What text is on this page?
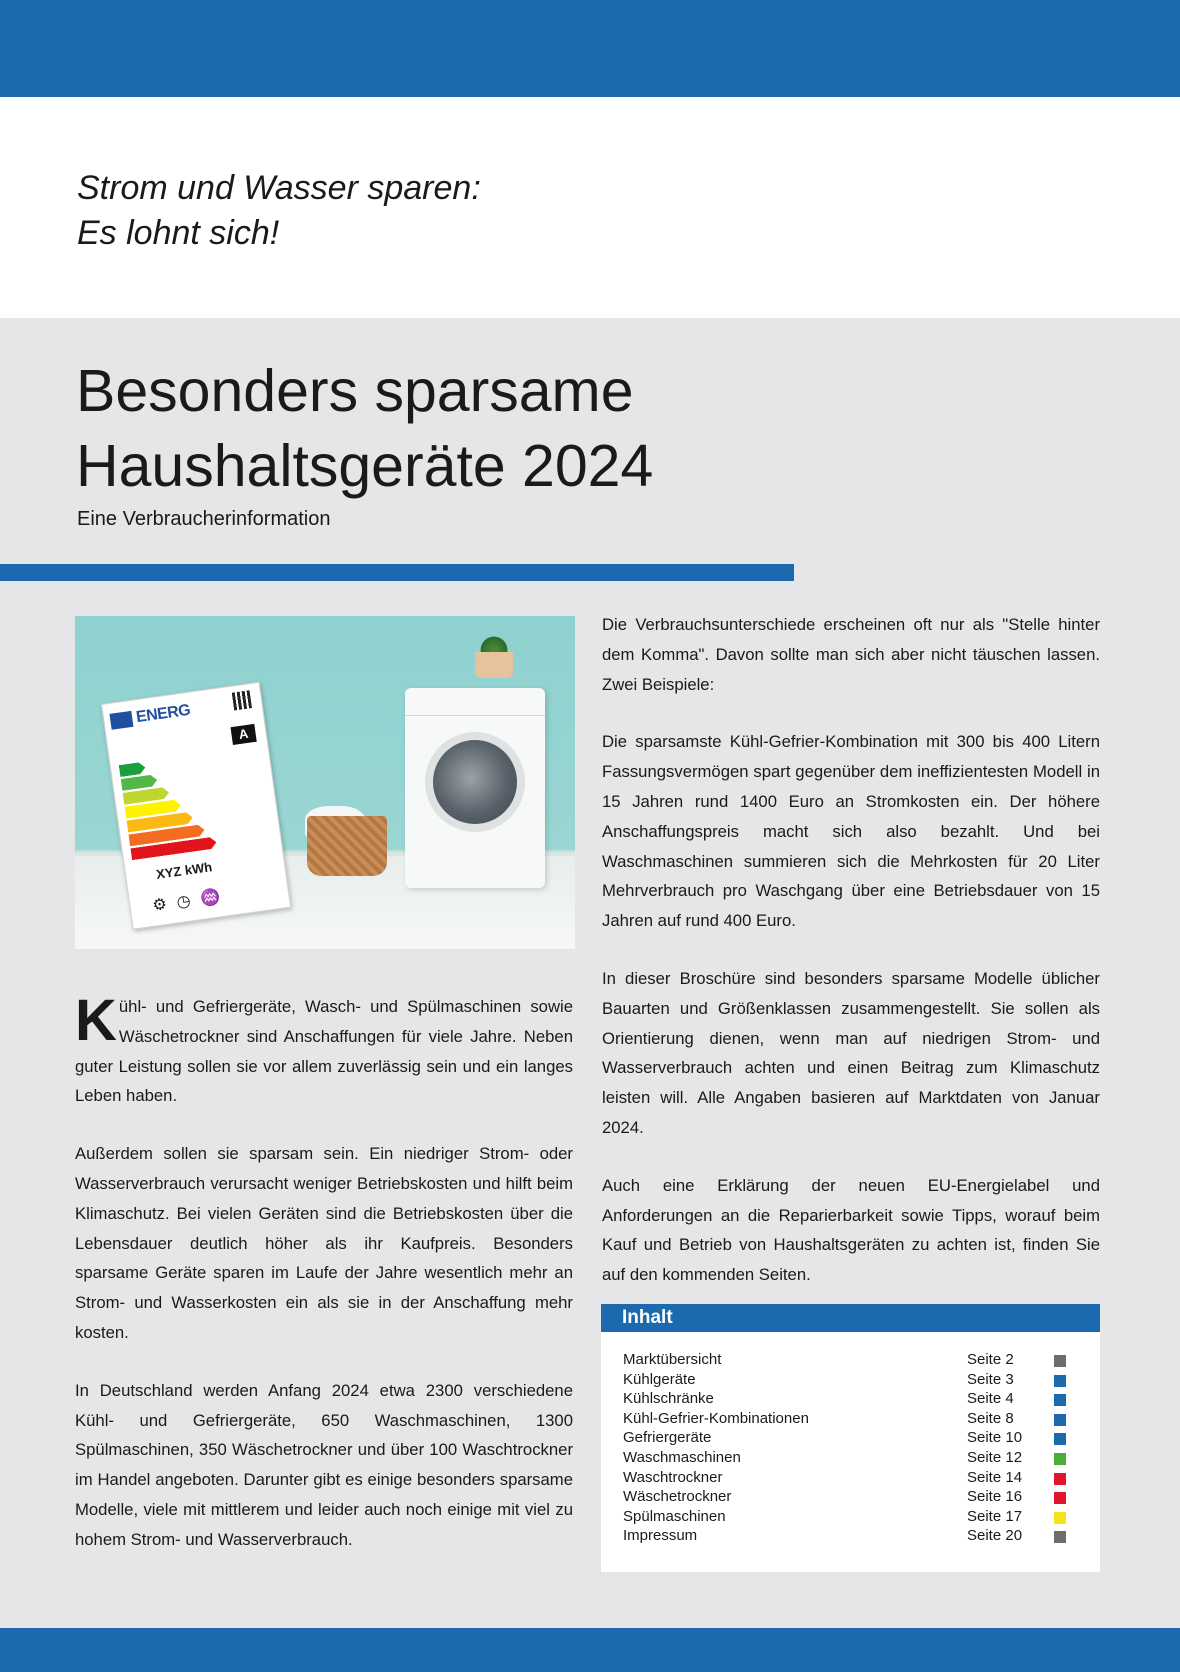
Strom und Wasser sparen:
Es lohnt sich!
Besonders sparsame
Haushaltsgeräte 2024
Eine Verbraucherinformation
ENERG
A
XYZ kWh
⚙◷♒

Kühl- und Gefriergeräte, Wasch- und Spülmaschinen sowie Wäschetrockner sind Anschaffungen für viele Jahre. Neben guter Leistung sollen sie vor allem zuverlässig sein und ein langes Leben haben.

Außerdem sollen sie sparsam sein. Ein niedriger Strom- oder Wasserverbrauch verursacht weniger Betriebskosten und hilft beim Klimaschutz. Bei vielen Geräten sind die Betriebskosten über die Lebensdauer deutlich höher als ihr Kaufpreis. Besonders sparsame Geräte sparen im Laufe der Jahre wesentlich mehr an Strom- und Wasserkosten ein als sie in der Anschaffung mehr kosten.

In Deutschland werden Anfang 2024 etwa 2300 verschiedene Kühl- und Gefriergeräte, 650 Waschmaschinen, 1300 Spülmaschinen, 350 Wäschetrockner und über 100 Waschtrockner im Handel angeboten. Darunter gibt es einige besonders sparsame Modelle, viele mit mittlerem und leider auch noch einige mit viel zu hohem Strom- und Wasserverbrauch.

Die Verbrauchsunterschiede erscheinen oft nur als "Stelle hinter dem Komma". Davon sollte man sich aber nicht täuschen lassen. Zwei Beispiele:

Die sparsamste Kühl-Gefrier-Kombination mit 300 bis 400 Litern Fassungsvermögen spart gegenüber dem ineffizientesten Modell in 15 Jahren rund 1400 Euro an Stromkosten ein. Der höhere Anschaffungspreis macht sich also bezahlt. Und bei Waschmaschinen summieren sich die Mehrkosten für 20 Liter Mehrverbrauch pro Waschgang über eine Betriebsdauer von 15 Jahren auf rund 400 Euro.

In dieser Broschüre sind besonders sparsame Modelle üblicher Bauarten und Größenklassen zusammengestellt. Sie sollen als Orientierung dienen, wenn man auf niedrigen Strom- und Wasserverbrauch achten und einen Beitrag zum Klimaschutz leisten will. Alle Angaben basieren auf Marktdaten von Januar 2024.

Auch eine Erklärung der neuen EU-Energielabel und Anforderungen an die Reparierbarkeit sowie Tipps, worauf beim Kauf und Betrieb von Haushaltsgeräten zu achten ist, finden Sie auf den kommenden Seiten.

Inhalt
Marktübersicht	Seite 2
Kühlgeräte	Seite 3
Kühlschränke	Seite 4
Kühl-Gefrier-Kombinationen	Seite 8
Gefriergeräte	Seite 10
Waschmaschinen	Seite 12
Waschtrockner	Seite 14
Wäschetrockner	Seite 16
Spülmaschinen	Seite 17
Impressum	Seite 20
